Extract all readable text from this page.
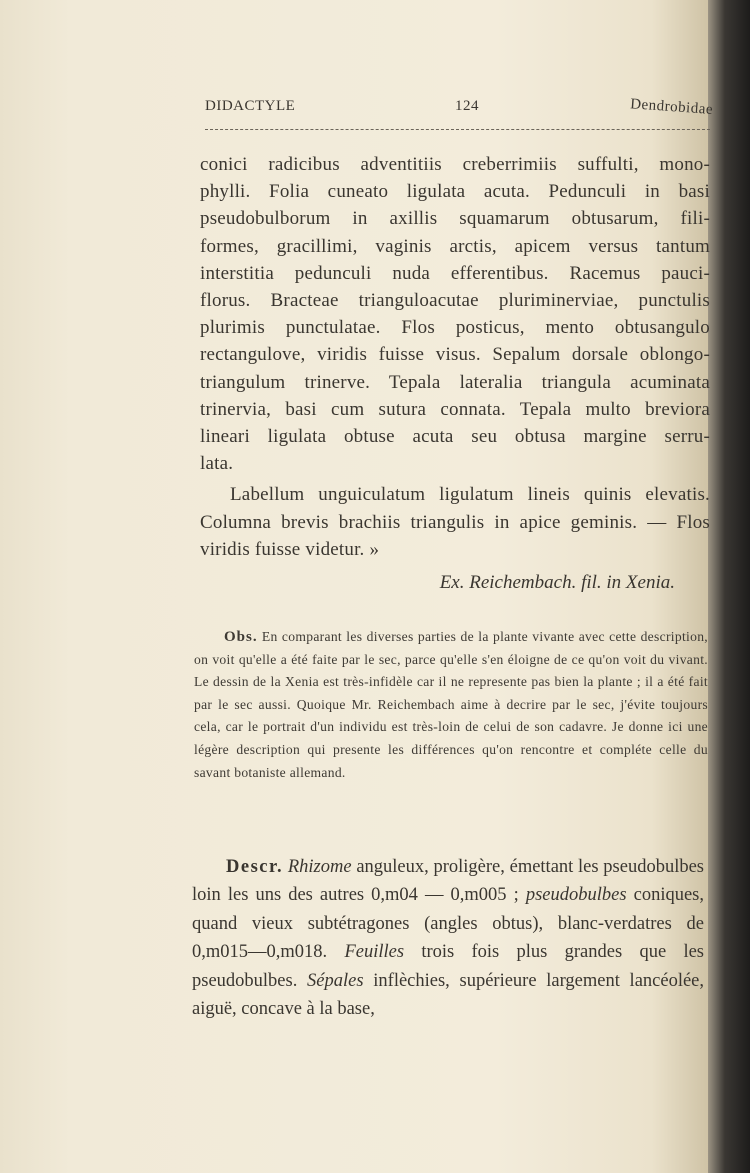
DIDACTYLE	124	Dendrobidae

conici radicibus adventitiis creberrimiis suffulti, mono-
phylli. Folia cuneato ligulata acuta. Pedunculi in basi
pseudobulborum in axillis squamarum obtusarum, fili-
formes, gracillimi, vaginis arctis, apicem versus tantum
interstitia pedunculi nuda efferentibus. Racemus pauci-
florus. Bracteae trianguloacutae pluriminerviae, punctulis
plurimis punctulatae. Flos posticus, mento obtusangulo
rectangulove, viridis fuisse visus. Sepalum dorsale oblongo-
triangulum trinerve. Tepala lateralia triangula acuminata
trinervia, basi cum sutura connata. Tepala multo breviora
lineari ligulata obtuse acuta seu obtusa margine serru-
lata.

Labellum unguiculatum ligulatum lineis quinis elevatis. Columna brevis brachiis triangulis in apice geminis. — Flos viridis fuisse videtur. »

Ex. Reichembach. fil. in Xenia.
Obs. En comparant les diverses parties de la plante vivante avec cette description, on voit qu'elle a été faite par le sec, parce qu'elle s'en éloigne de ce qu'on voit du vivant. Le dessin de la Xenia est très-infidèle car il ne represente pas bien la plante ; il a été fait par le sec aussi. Quoique Mr. Reichembach aime à decrire par le sec, j'évite toujours cela, car le portrait d'un individu est très-loin de celui de son cadavre. Je donne ici une légère description qui presente les différences qu'on rencontre et compléte celle du savant botaniste allemand.
Descr. Rhizome anguleux, proligère, émettant les pseudobulbes loin les uns des autres 0,m04 — 0,m005 ; pseudobulbes coniques, quand vieux subtétragones (angles obtus), blanc-verdatres de 0,m015—0,m018. Feuilles trois fois plus grandes que les pseudobulbes. Sépales inflèchies, supérieure largement lancéolée, aiguë, concave à la base,
